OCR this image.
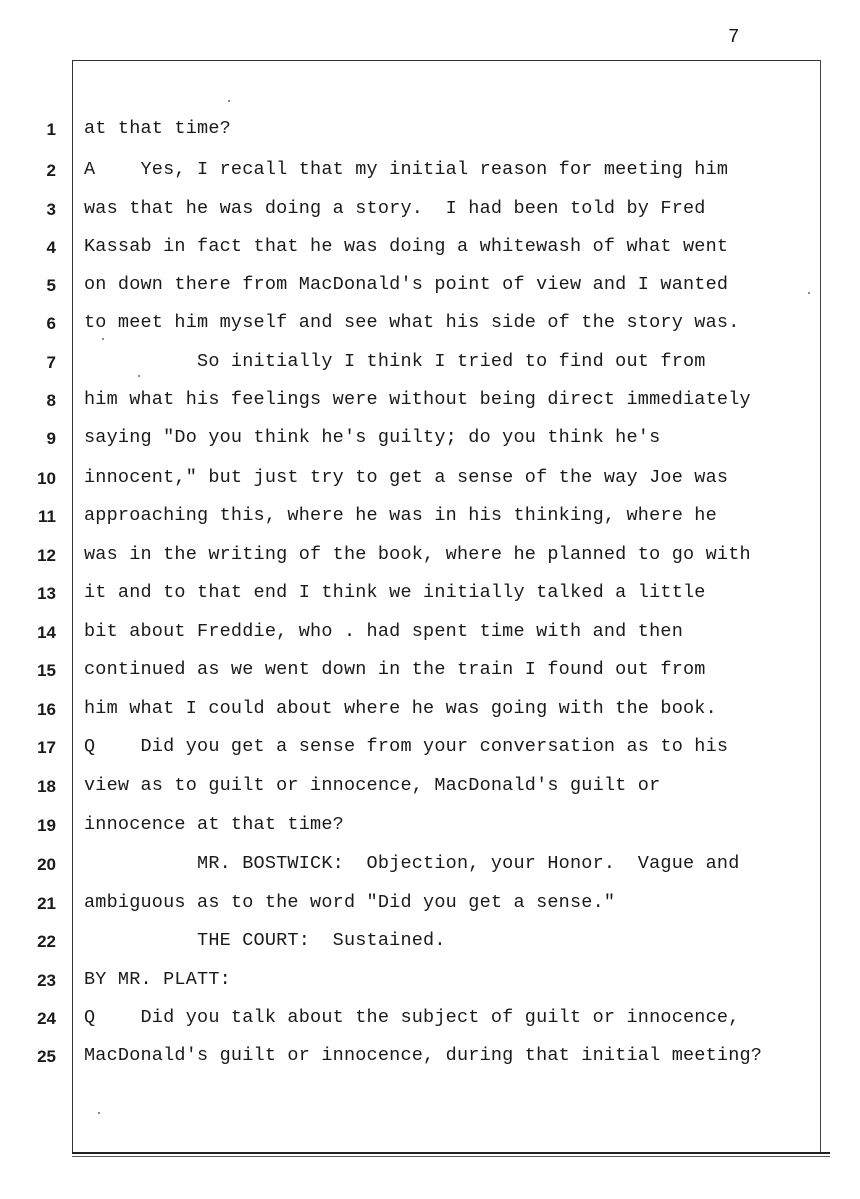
7
1 at that time?
2 A    Yes, I recall that my initial reason for meeting him
3 was that he was doing a story.  I had been told by Fred
4 Kassab in fact that he was doing a whitewash of what went
5 on down there from MacDonald's point of view and I wanted
6 to meet him myself and see what his side of the story was.
7 So initially I think I tried to find out from
8 him what his feelings were without being direct immediately
9 saying "Do you think he's guilty; do you think he's
10 innocent," but just try to get a sense of the way Joe was
11 approaching this, where he was in his thinking, where he
12 was in the writing of the book, where he planned to go with
13 it and to that end I think we initially talked a little
14 bit about Freddie, who . had spent time with and then
15 continued as we went down in the train I found out from
16 him what I could about where he was going with the book.
17 Q    Did you get a sense from your conversation as to his
18 view as to guilt or innocence, MacDonald's guilt or
19 innocence at that time?
20 MR. BOSTWICK:  Objection, your Honor.  Vague and
21 ambiguous as to the word "Did you get a sense."
22 THE COURT:  Sustained.
23 BY MR. PLATT:
24 Q    Did you talk about the subject of guilt or innocence,
25 MacDonald's guilt or innocence, during that initial meeting?
